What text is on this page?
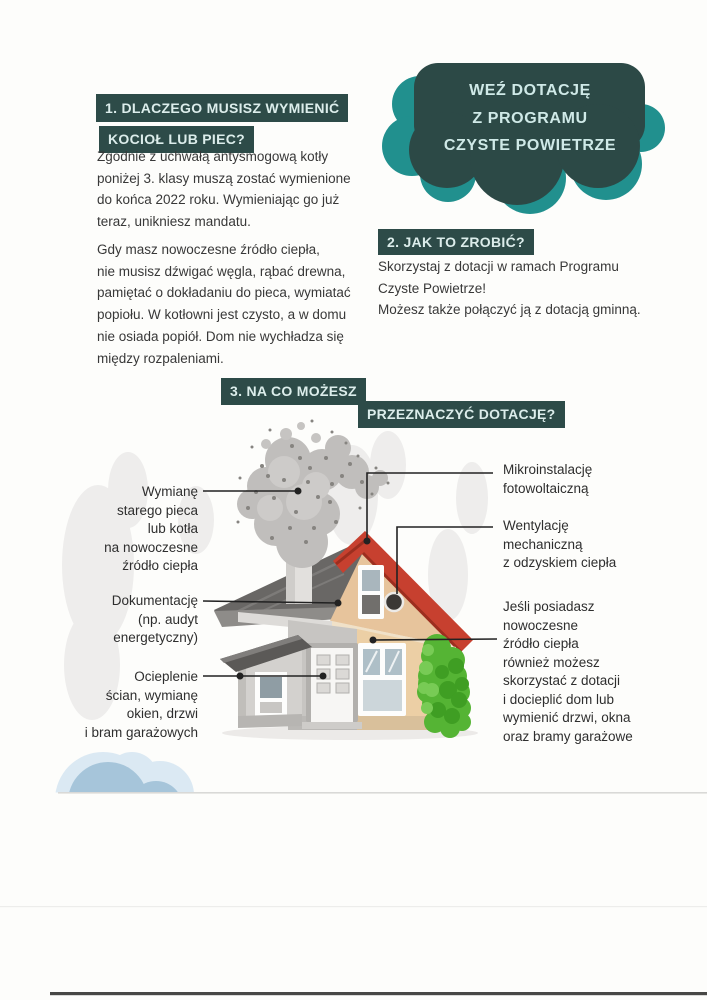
1. DLACZEGO MUSISZ WYMIENIĆ
KOCIOŁ LUB PIEC?
Zgodnie z uchwałą antysmogową kotły
poniżej 3. klasy muszą zostać wymienione
do końca 2022 roku. Wymieniając go już
teraz, unikniesz mandatu.
Gdy masz nowoczesne źródło ciepła,
nie musisz dźwigać węgla, rąbać drewna,
pamiętać o dokładaniu do pieca, wymiatać
popiołu. W kotłowni jest czysto, a w domu
nie osiada popiół. Dom nie wychładza się
między rozpaleniami.
WEŹ DOTACJĘ
Z PROGRAMU
CZYSTE POWIETRZE
2. JAK TO ZROBIĆ?
Skorzystaj z dotacji w ramach Programu
Czyste Powietrze!
Możesz także połączyć ją z dotacją gminną.
3. NA CO MOŻESZ
PRZEZNACZYĆ DOTACJĘ?
Wymianę
starego pieca
lub kotła
na nowoczesne
źródło ciepła
Dokumentację
(np. audyt
energetyczny)
Ocieplenie
ścian, wymianę
okien, drzwi
i bram garażowych
Mikroinstalację
fotowoltaiczną
Wentylację
mechaniczną
z odzyskiem ciepła
Jeśli posiadasz
nowoczesne
źródło ciepła
również możesz
skorzystać z dotacji
i docieplić dom lub
wymienić drzwi, okna
oraz bramy garażowe
